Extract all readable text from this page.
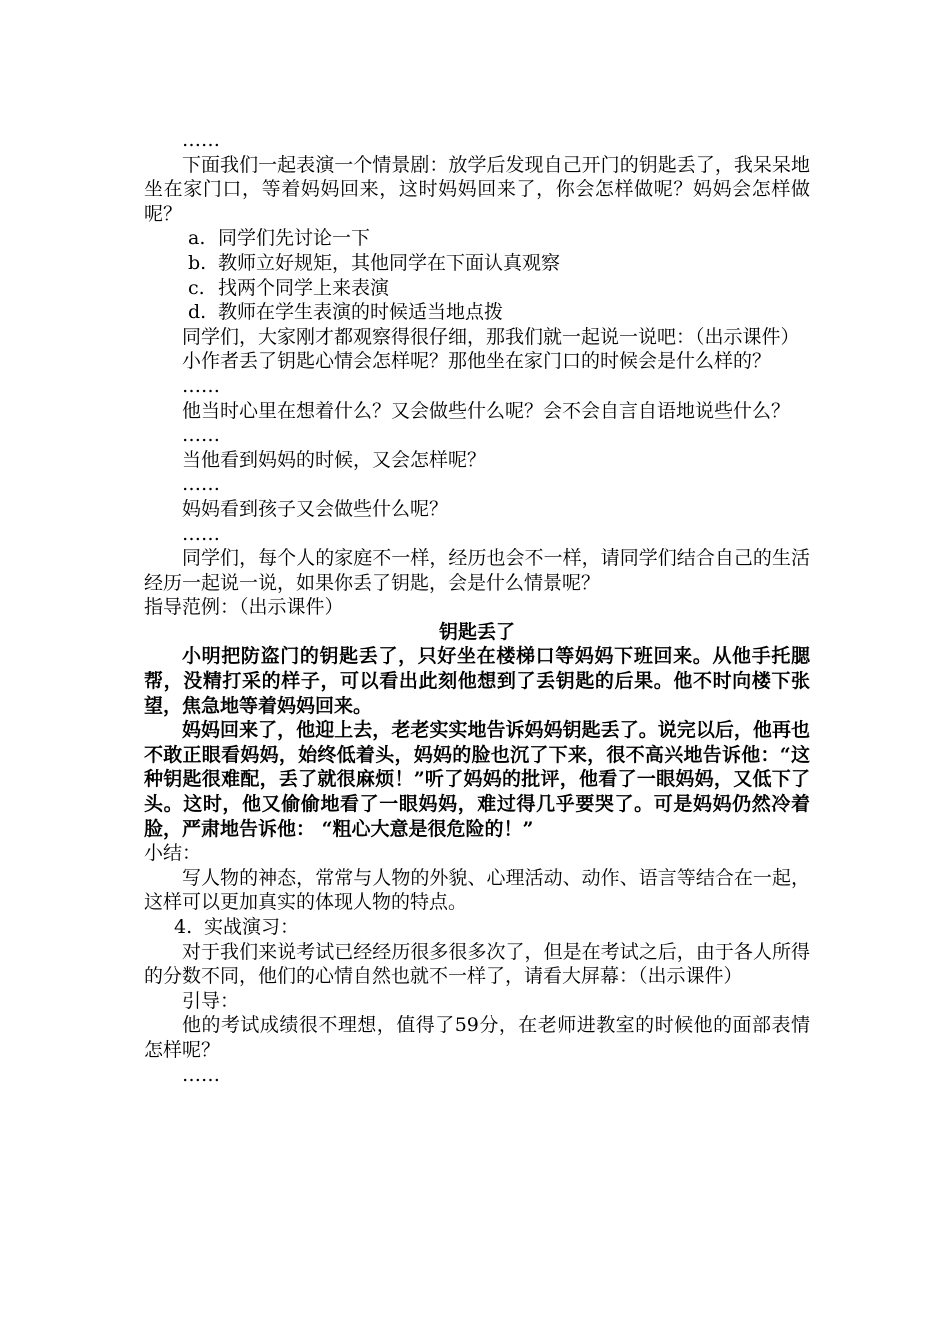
……

下面我们一起表演一个情景剧：放学后发现自己开门的钥匙丢了，我呆呆地坐在家门口，等着妈妈回来，这时妈妈回来了，你会怎样做呢？妈妈会怎样做呢？

a. 同学们先讨论一下

b. 教师立好规矩，其他同学在下面认真观察

c. 找两个同学上来表演

d. 教师在学生表演的时候适当地点拨

同学们，大家刚才都观察得很仔细，那我们就一起说一说吧：（出示课件）

小作者丢了钥匙心情会怎样呢？那他坐在家门口的时候会是什么样的？

……

他当时心里在想着什么？又会做些什么呢？会不会自言自语地说些什么？

……

当他看到妈妈的时候，又会怎样呢？

……

妈妈看到孩子又会做些什么呢？

……

同学们，每个人的家庭不一样，经历也会不一样，请同学们结合自己的生活经历一起说一说，如果你丢了钥匙，会是什么情景呢？

指导范例：（出示课件）

钥匙丢了

小明把防盗门的钥匙丢了，只好坐在楼梯口等妈妈下班回来。从他手托腮帮，没精打采的样子，可以看出此刻他想到了丢钥匙的后果。他不时向楼下张望，焦急地等着妈妈回来。

妈妈回来了，他迎上去，老老实实地告诉妈妈钥匙丢了。说完以后，他再也不敢正眼看妈妈，始终低着头，妈妈的脸也沉了下来，很不高兴地告诉他：“这种钥匙很难配，丢了就很麻烦！”听了妈妈的批评，他看了一眼妈妈，又低下了头。这时，他又偷偷地看了一眼妈妈，难过得几乎要哭了。可是妈妈仍然冷着脸，严肃地告诉他： “粗心大意是很危险的！”

小结：

写人物的神态，常常与人物的外貌、心理活动、动作、语言等结合在一起，这样可以更加真实的体现人物的特点。

4. 实战演习：

对于我们来说考试已经经历很多很多次了，但是在考试之后，由于各人所得的分数不同，他们的心情自然也就不一样了，请看大屏幕：（出示课件）

引导：

他的考试成绩很不理想，值得了59分，在老师进教室的时候他的面部表情怎样呢？

……
